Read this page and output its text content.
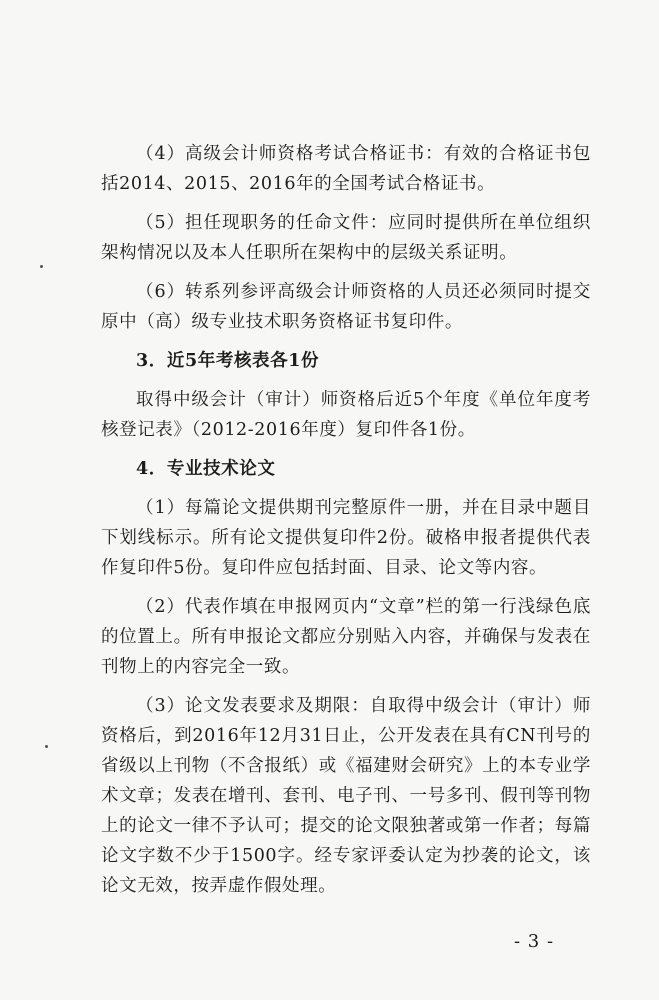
（4）高级会计师资格考试合格证书：有效的合格证书包括2014、2015、2016年的全国考试合格证书。

（5）担任现职务的任命文件：应同时提供所在单位组织架构情况以及本人任职所在架构中的层级关系证明。

（6）转系列参评高级会计师资格的人员还必须同时提交原中（高）级专业技术职务资格证书复印件。

3．近5年考核表各1份

取得中级会计（审计）师资格后近5个年度《单位年度考核登记表》（2012-2016年度）复印件各1份。

4．专业技术论文

（1）每篇论文提供期刊完整原件一册，并在目录中题目下划线标示。所有论文提供复印件2份。破格申报者提供代表作复印件5份。复印件应包括封面、目录、论文等内容。

（2）代表作填在申报网页内“文章”栏的第一行浅绿色底的位置上。所有申报论文都应分别贴入内容，并确保与发表在刊物上的内容完全一致。

（3）论文发表要求及期限：自取得中级会计（审计）师资格后，到2016年12月31日止，公开发表在具有CN刊号的省级以上刊物（不含报纸）或《福建财会研究》上的本专业学术文章；发表在增刊、套刊、电子刊、一号多刊、假刊等刊物上的论文一律不予认可；提交的论文限独著或第一作者；每篇论文字数不少于1500字。经专家评委认定为抄袭的论文，该论文无效，按弄虚作假处理。

- 3 -
